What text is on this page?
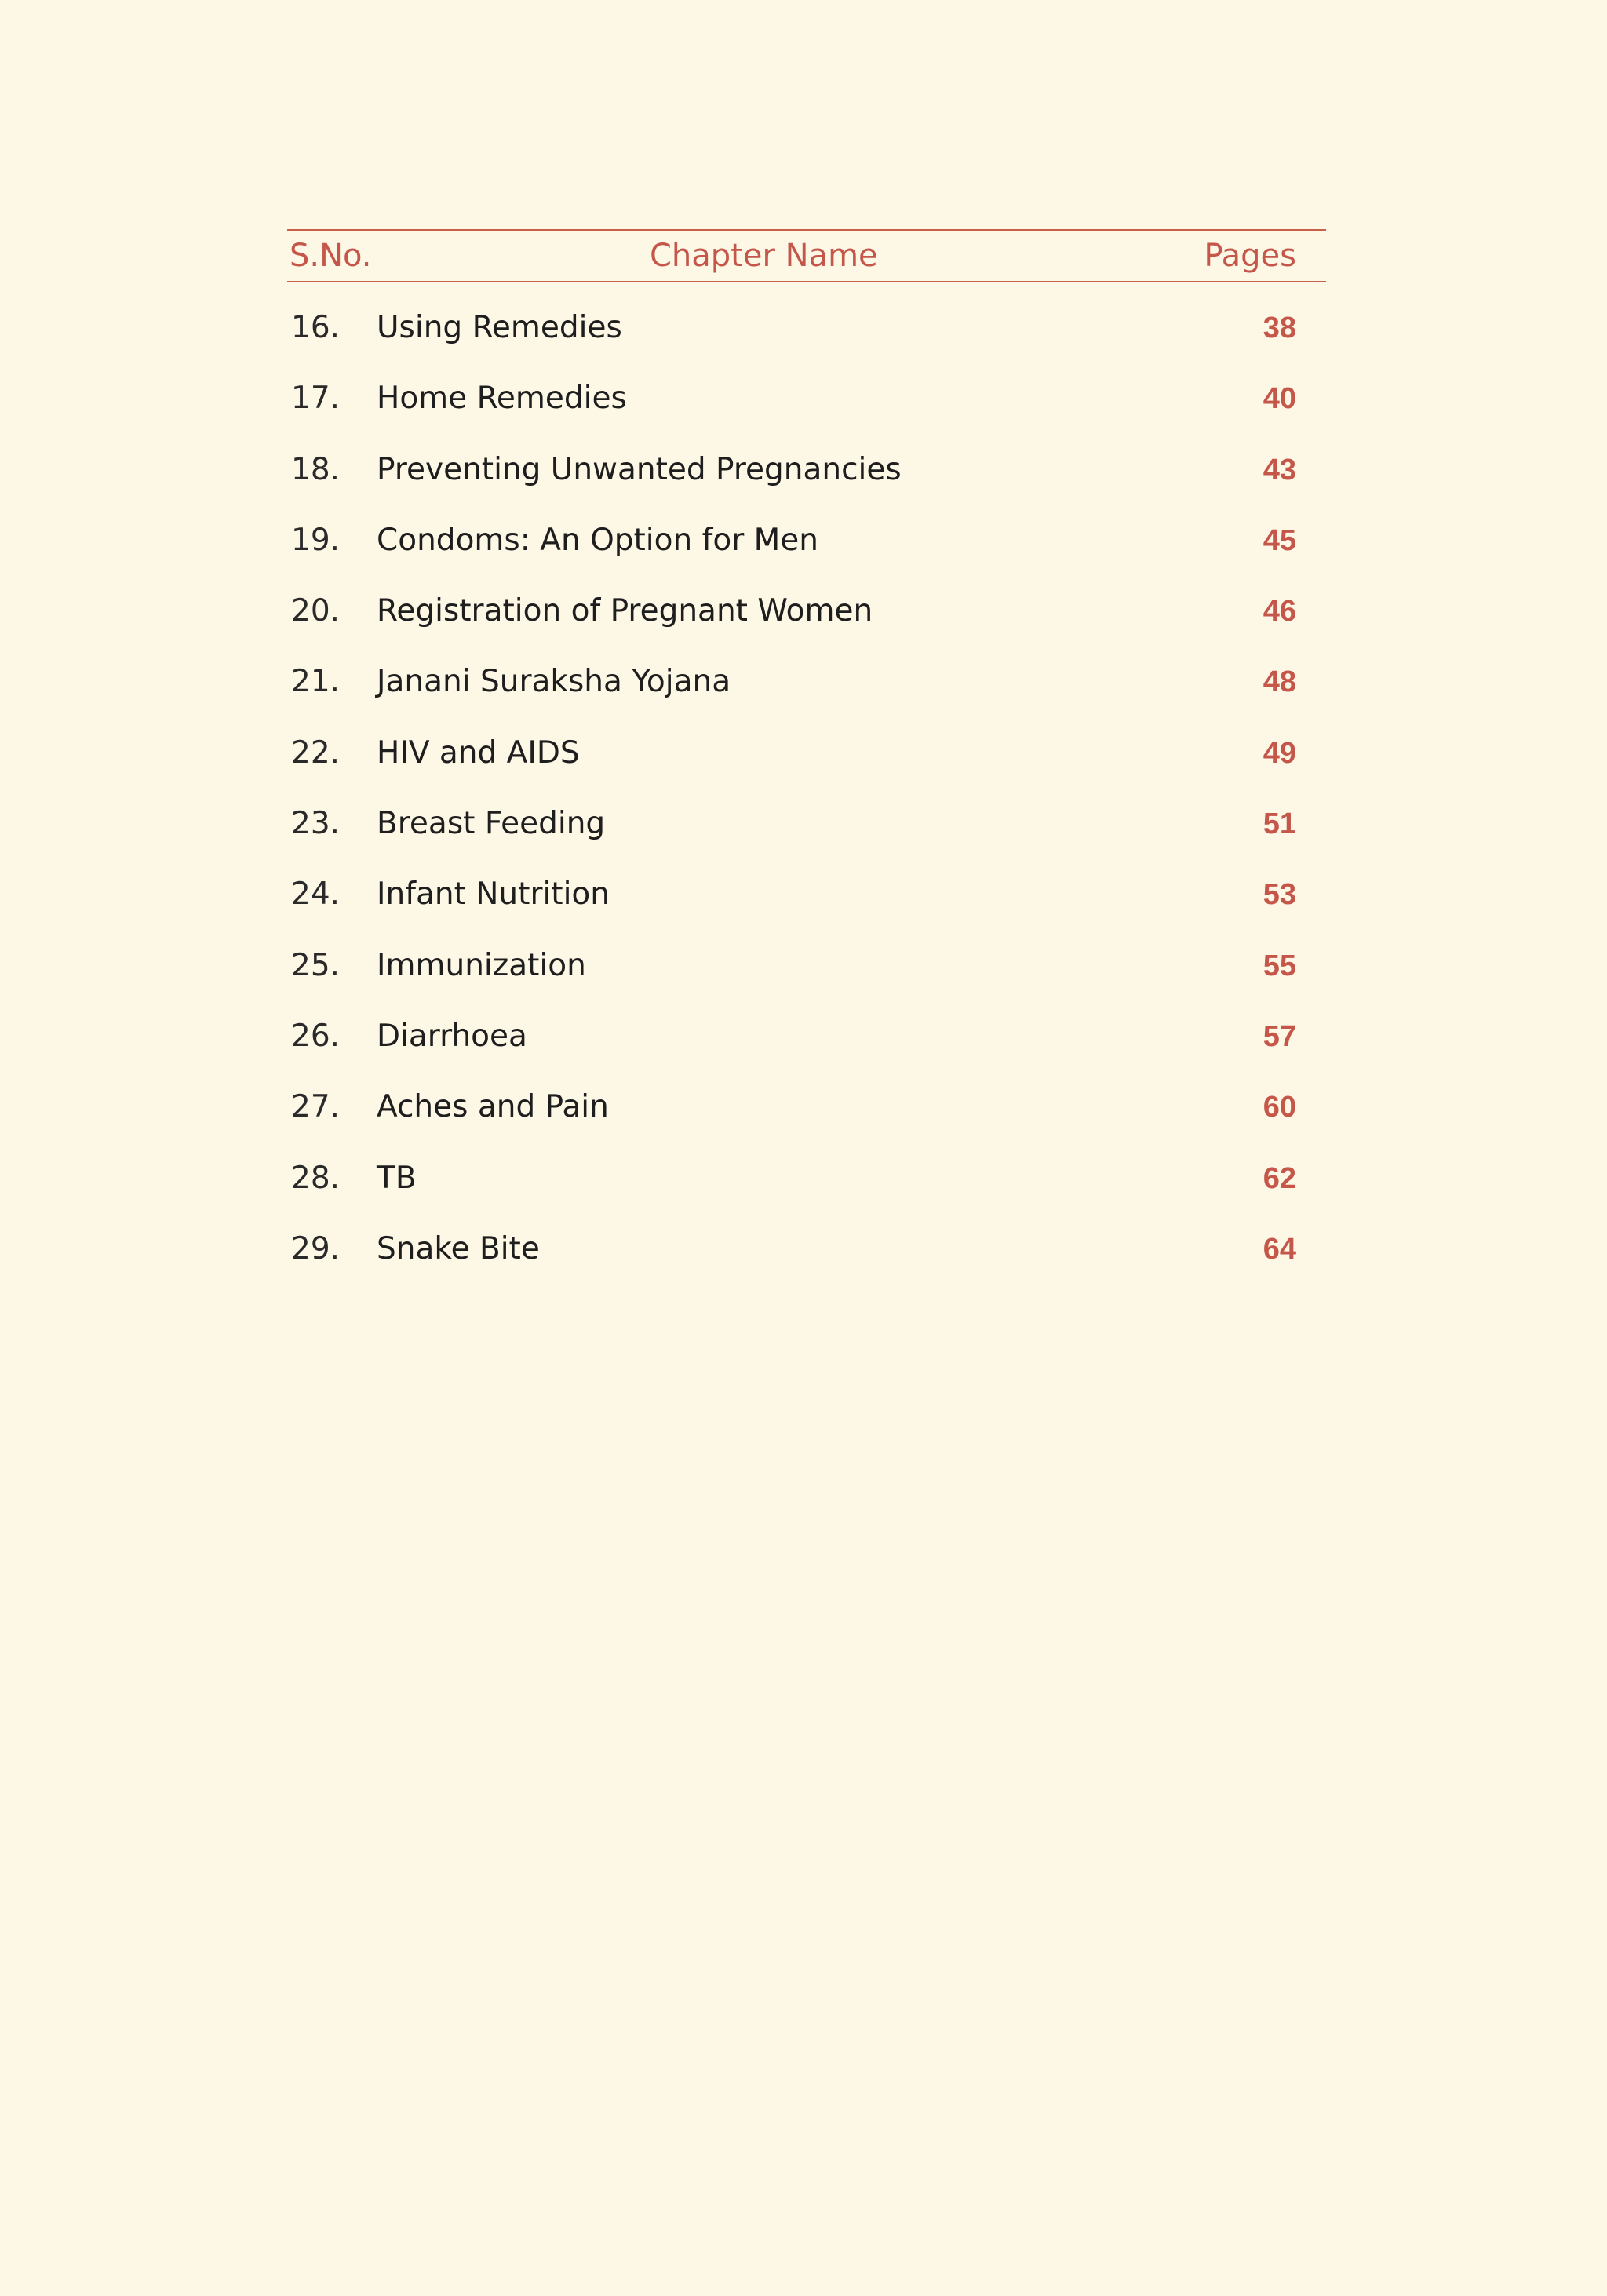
S.No.	Chapter Name	Pages
16. Using Remedies	38
17. Home Remedies	40
18. Preventing Unwanted Pregnancies	43
19. Condoms: An Option for Men	45
20. Registration of Pregnant Women	46
21. Janani Suraksha Yojana	48
22. HIV and AIDS	49
23. Breast Feeding	51
24. Infant Nutrition	53
25. Immunization	55
26. Diarrhoea	57
27. Aches and Pain	60
28. TB	62
29. Snake Bite	64
